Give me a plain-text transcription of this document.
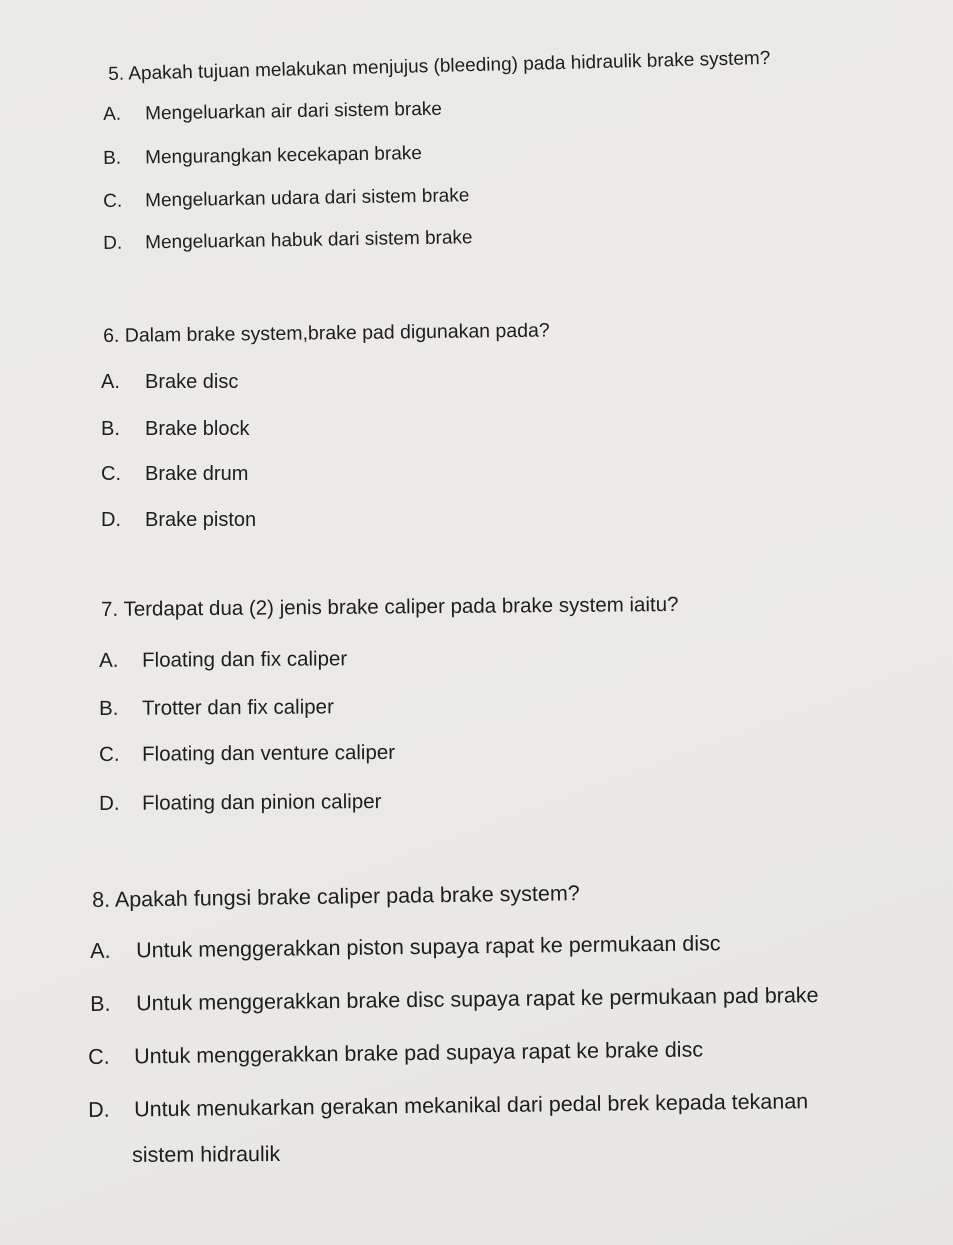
5. Apakah tujuan melakukan menjujus (bleeding) pada hidraulik brake system?
A. Mengeluarkan air dari sistem brake
B. Mengurangkan kecekapan brake
C. Mengeluarkan udara dari sistem brake
D. Mengeluarkan habuk dari sistem brake
6. Dalam brake system,brake pad digunakan pada?
A. Brake disc
B. Brake block
C. Brake drum
D. Brake piston
7. Terdapat dua (2) jenis brake caliper pada brake system iaitu?
A. Floating dan fix caliper
B. Trotter dan fix caliper
C. Floating dan venture caliper
D. Floating dan pinion caliper
8. Apakah fungsi brake caliper pada brake system?
A. Untuk menggerakkan piston supaya rapat ke permukaan disc
B. Untuk menggerakkan brake disc supaya rapat ke permukaan pad brake
C. Untuk menggerakkan brake pad supaya rapat ke brake disc
D. Untuk menukarkan gerakan mekanikal dari pedal brek kepada tekanan
sistem hidraulik
